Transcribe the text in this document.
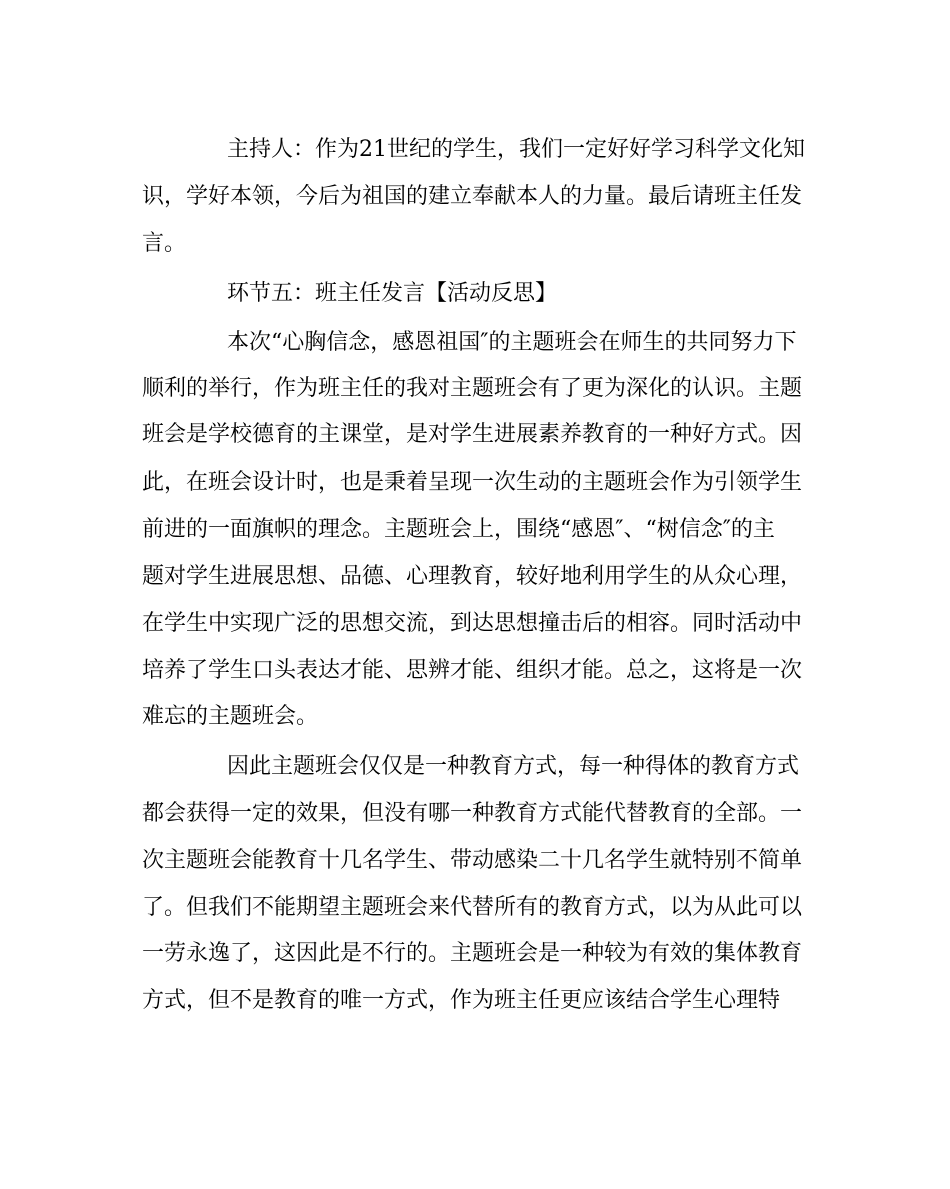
主持人：作为21世纪的学生，我们一定好好学习科学文化知
识，学好本领，今后为祖国的建立奉献本人的力量。最后请班主任发
言。
环节五：班主任发言【活动反思】
本次“心胸信念，感恩祖国″的主题班会在师生的共同努力下
顺利的举行，作为班主任的我对主题班会有了更为深化的认识。主题
班会是学校德育的主课堂，是对学生进展素养教育的一种好方式。因
此，在班会设计时，也是秉着呈现一次生动的主题班会作为引领学生
前进的一面旗帜的理念。主题班会上，围绕“感恩″、“树信念″的主
题对学生进展思想、品德、心理教育，较好地利用学生的从众心理，
在学生中实现广泛的思想交流，到达思想撞击后的相容。同时活动中
培养了学生口头表达才能、思辨才能、组织才能。总之，这将是一次
难忘的主题班会。
因此主题班会仅仅是一种教育方式，每一种得体的教育方式
都会获得一定的效果，但没有哪一种教育方式能代替教育的全部。一
次主题班会能教育十几名学生、带动感染二十几名学生就特别不简单
了。但我们不能期望主题班会来代替所有的教育方式，以为从此可以
一劳永逸了，这因此是不行的。主题班会是一种较为有效的集体教育
方式，但不是教育的唯一方式，作为班主任更应该结合学生心理特
